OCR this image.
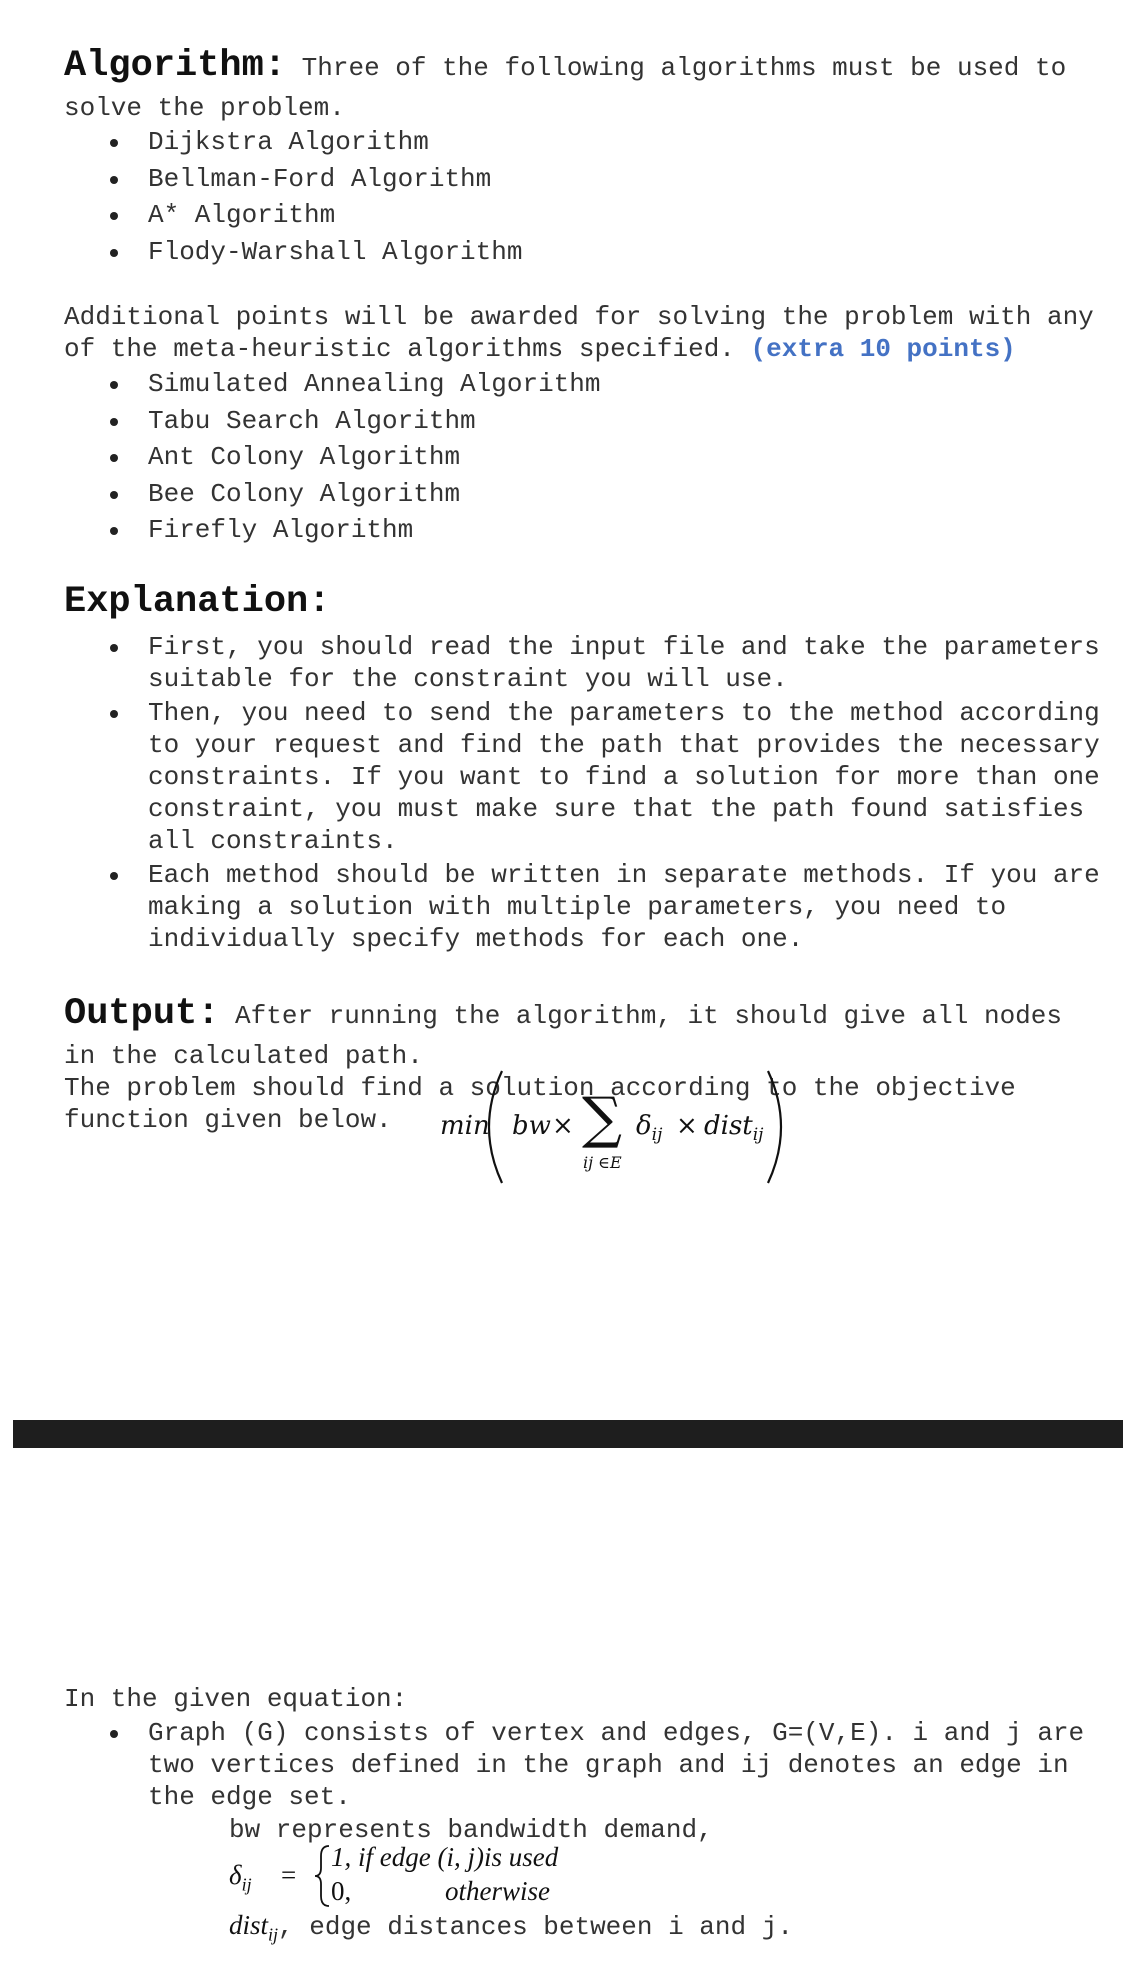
Algorithm: Three of the following algorithms must be used to
solve the problem.
Dijkstra Algorithm
Bellman-Ford Algorithm
A* Algorithm
Flody-Warshall Algorithm
Additional points will be awarded for solving the problem with any
of the meta-heuristic algorithms specified. (extra 10 points)
Simulated Annealing Algorithm
Tabu Search Algorithm
Ant Colony Algorithm
Bee Colony Algorithm
Firefly Algorithm
Explanation:
First, you should read the input file and take the parameters
suitable for the constraint you will use.
Then, you need to send the parameters to the method according
to your request and find the path that provides the necessary
constraints. If you want to find a solution for more than one
constraint, you must make sure that the path found satisfies
all constraints.
Each method should be written in separate methods. If you are
making a solution with multiple parameters, you need to
individually specify methods for each one.
Output: After running the algorithm, it should give all nodes
in the calculated path.
The problem should find a solution according to the objective
function given below.	min bw × ∑
ij ∈E
$\delta_{ij}$ × dist$_{ij}$
In the given equation:
Graph (G) consists of vertex and edges, G=(V,E). i and j are
two vertices defined in the graph and ij denotes an edge in
the edge set.
bw represents bandwidth demand,
$\delta_{ij}$ =
1, if edge (i, j)is used
0,	otherwise
dist$_{ij}$, edge distances between i and j.
